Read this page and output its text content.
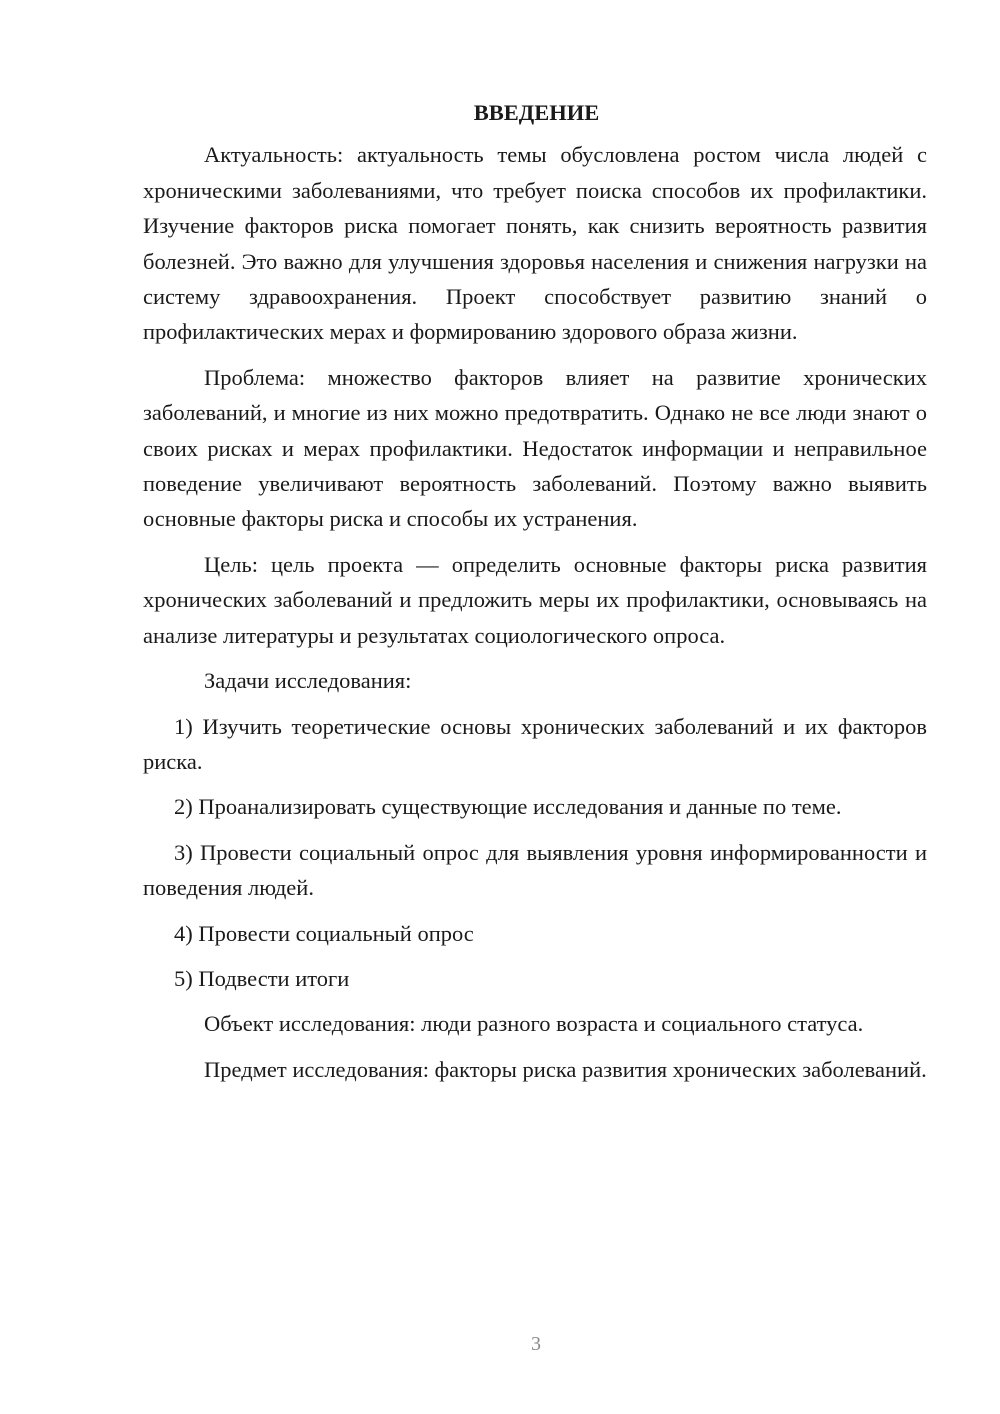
ВВЕДЕНИЕ
Актуальность: актуальность темы обусловлена ростом числа людей с хроническими заболеваниями, что требует поиска способов их профилактики. Изучение факторов риска помогает понять, как снизить вероятность развития болезней. Это важно для улучшения здоровья населения и снижения нагрузки на систему здравоохранения. Проект способствует развитию знаний о профилактических мерах и формированию здорового образа жизни.
Проблема: множество факторов влияет на развитие хронических заболеваний, и многие из них можно предотвратить. Однако не все люди знают о своих рисках и мерах профилактики. Недостаток информации и неправильное поведение увеличивают вероятность заболеваний. Поэтому важно выявить основные факторы риска и способы их устранения.
Цель: цель проекта — определить основные факторы риска развития хронических заболеваний и предложить меры их профилактики, основываясь на анализе литературы и результатах социологического опроса.
Задачи исследования:
1) Изучить теоретические основы хронических заболеваний и их факторов риска.
2) Проанализировать существующие исследования и данные по теме.
3) Провести социальный опрос для выявления уровня информированности и поведения людей.
4) Провести социальный опрос
5) Подвести итоги
Объект исследования: люди разного возраста и социального статуса.
Предмет исследования: факторы риска развития хронических заболеваний.
3
